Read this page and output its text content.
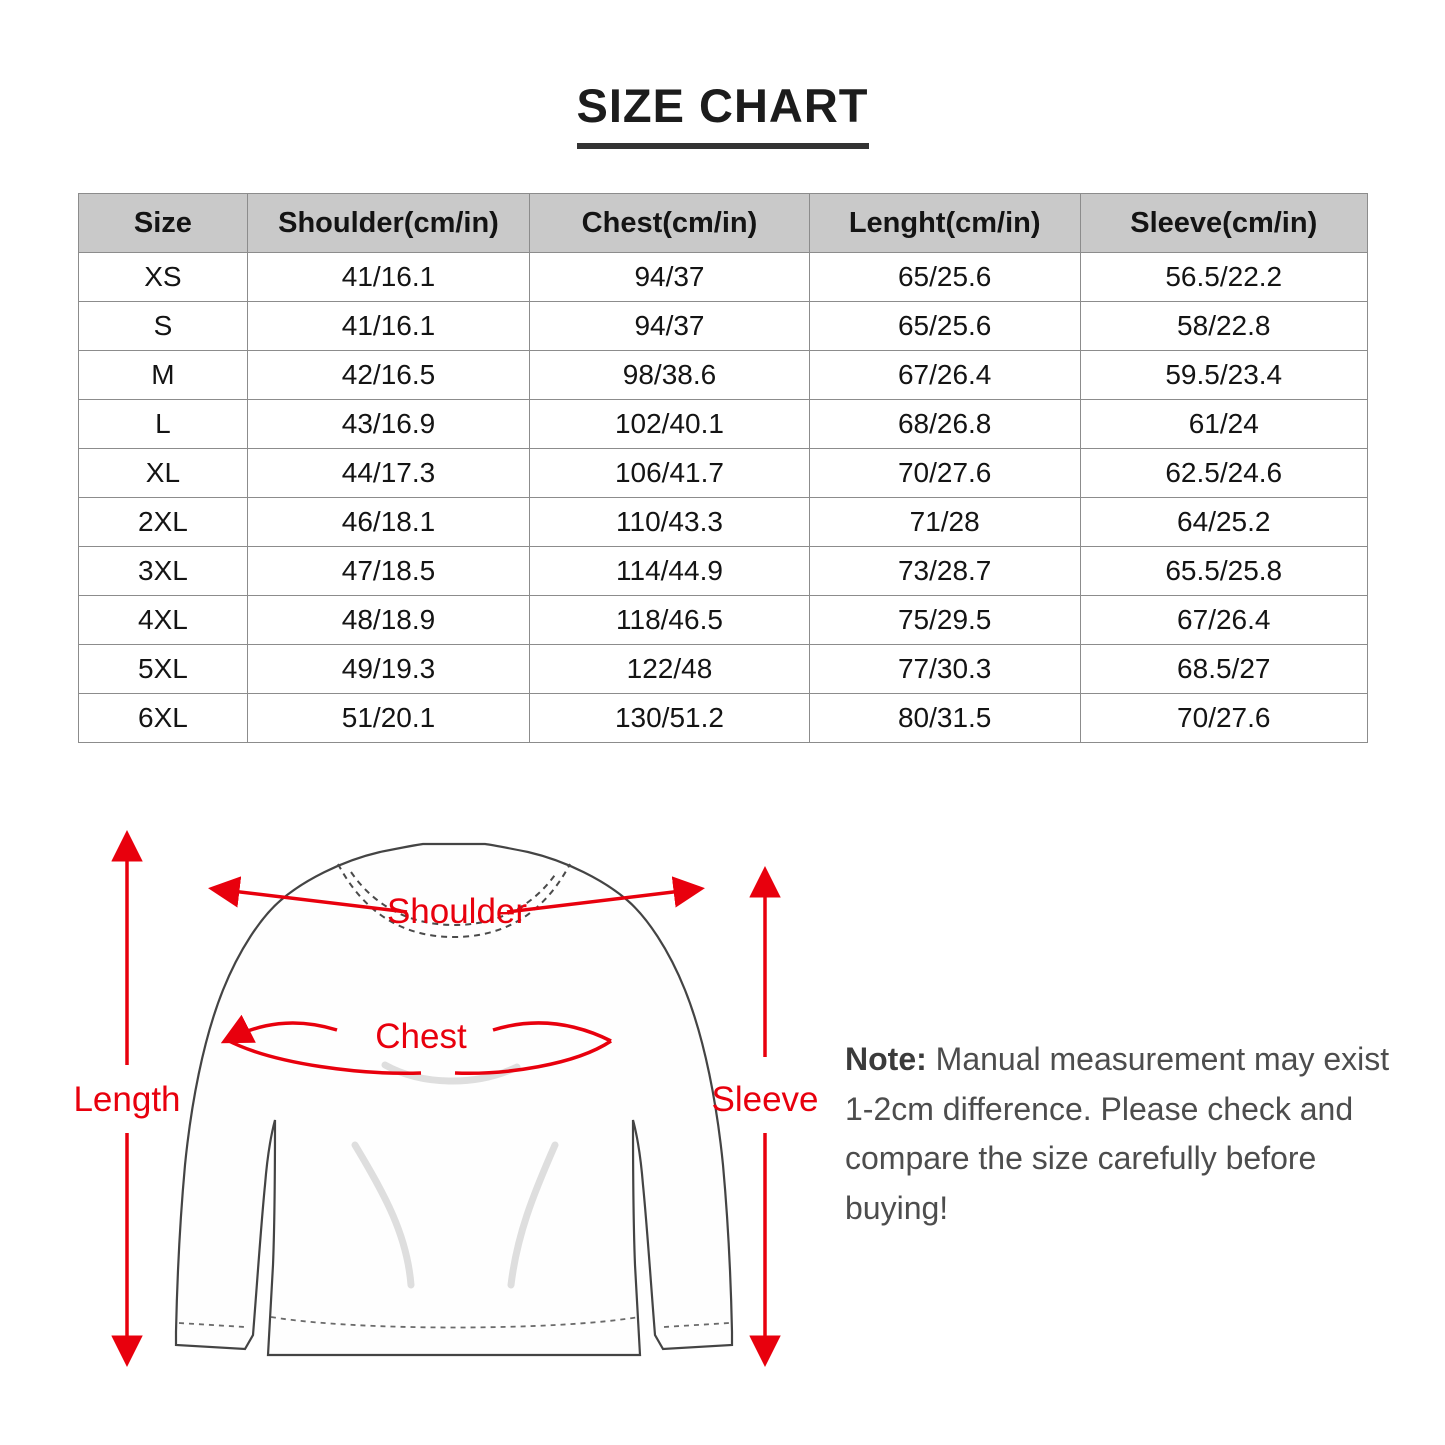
SIZE CHART
Size	Shoulder(cm/in)	Chest(cm/in)	Lenght(cm/in)	Sleeve(cm/in)
XS	41/16.1	94/37	65/25.6	56.5/22.2
S	41/16.1	94/37	65/25.6	58/22.8
M	42/16.5	98/38.6	67/26.4	59.5/23.4
L	43/16.9	102/40.1	68/26.8	61/24
XL	44/17.3	106/41.7	70/27.6	62.5/24.6
2XL	46/18.1	110/43.3	71/28	64/25.2
3XL	47/18.5	114/44.9	73/28.7	65.5/25.8
4XL	48/18.9	118/46.5	75/29.5	67/26.4
5XL	49/19.3	122/48	77/30.3	68.5/27
6XL	51/20.1	130/51.2	80/31.5	70/27.6
Shoulder
Chest
Length	Sleeve
Note: Manual measurement may exist 1-2cm difference. Please check and compare the size carefully before buying!
